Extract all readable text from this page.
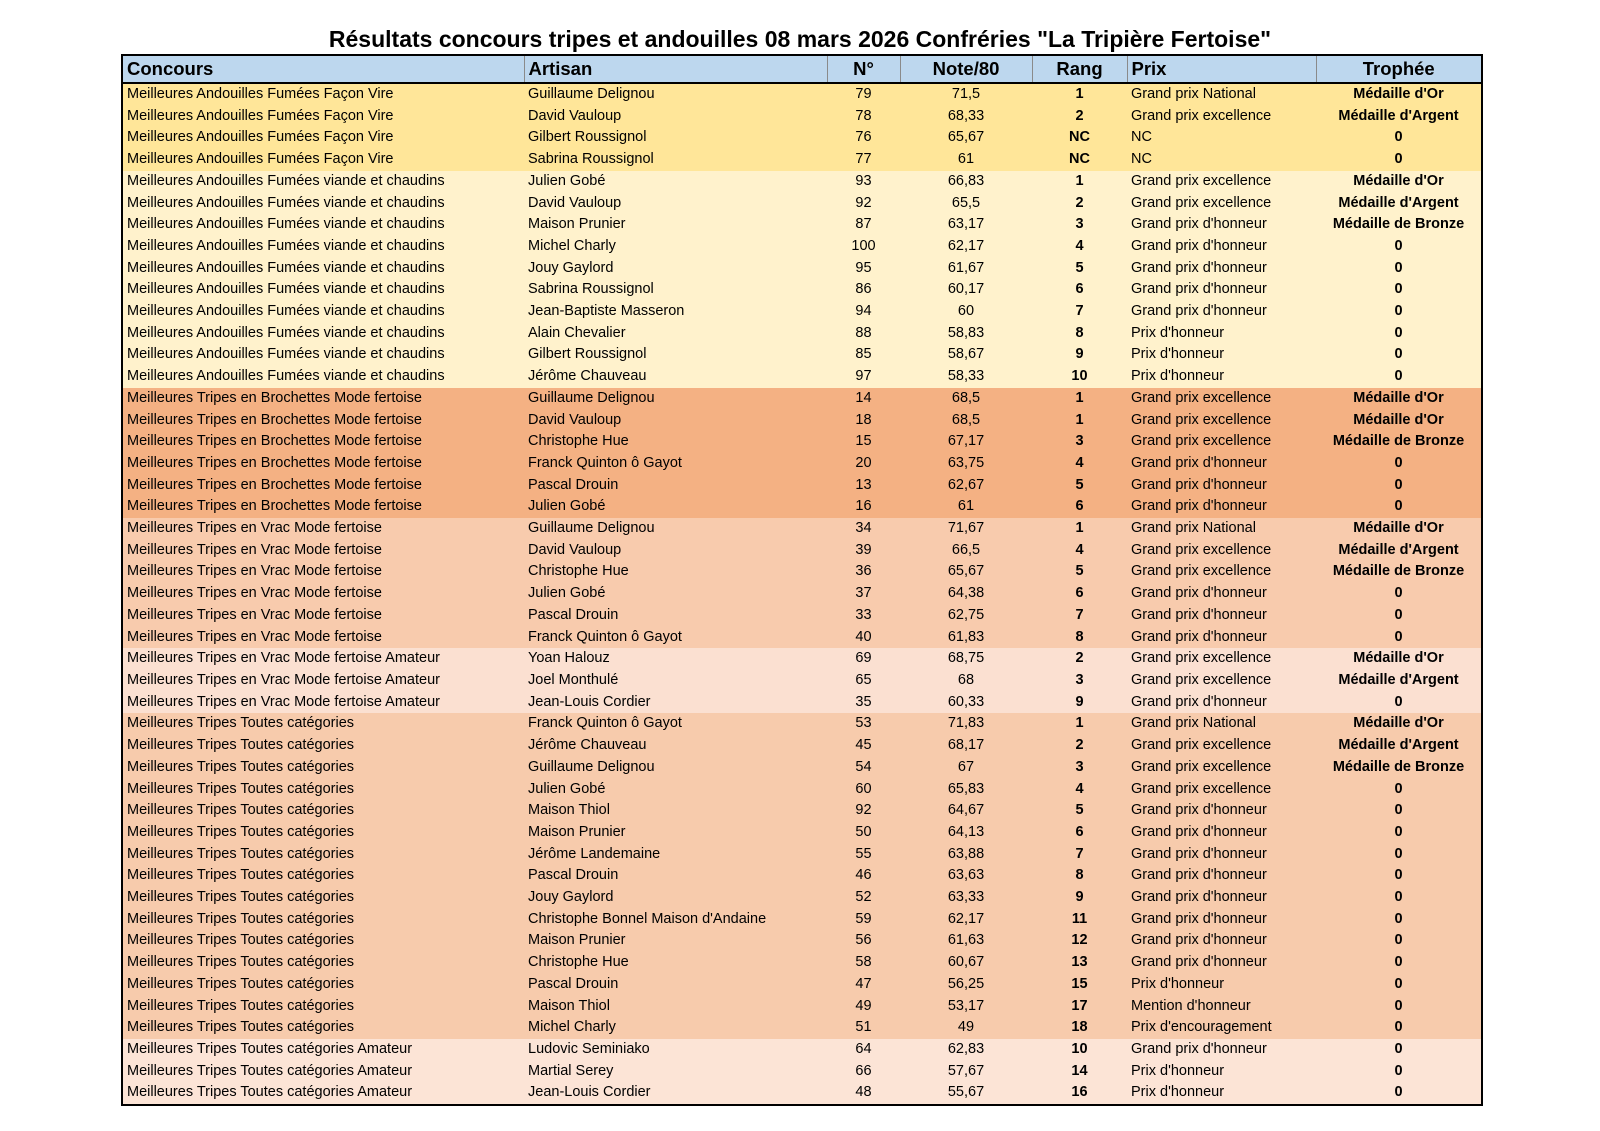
Résultats concours tripes et andouilles 08 mars 2026 Confréries "La Tripière Fertoise"
Concours	Artisan	N°	Note/80	Rang	Prix	Trophée
Meilleures Andouilles Fumées Façon Vire	Guillaume Delignou	79	71,5	1	Grand prix National	Médaille d'Or
Meilleures Andouilles Fumées Façon Vire	David Vauloup	78	68,33	2	Grand prix excellence	Médaille d'Argent
Meilleures Andouilles Fumées Façon Vire	Gilbert Roussignol	76	65,67	NC	NC	0
Meilleures Andouilles Fumées Façon Vire	Sabrina Roussignol	77	61	NC	NC	0
Meilleures Andouilles Fumées viande et chaudins	Julien Gobé	93	66,83	1	Grand prix excellence	Médaille d'Or
Meilleures Andouilles Fumées viande et chaudins	David Vauloup	92	65,5	2	Grand prix excellence	Médaille d'Argent
Meilleures Andouilles Fumées viande et chaudins	Maison Prunier	87	63,17	3	Grand prix d'honneur	Médaille de Bronze
Meilleures Andouilles Fumées viande et chaudins	Michel Charly	100	62,17	4	Grand prix d'honneur	0
Meilleures Andouilles Fumées viande et chaudins	Jouy Gaylord	95	61,67	5	Grand prix d'honneur	0
Meilleures Andouilles Fumées viande et chaudins	Sabrina Roussignol	86	60,17	6	Grand prix d'honneur	0
Meilleures Andouilles Fumées viande et chaudins	Jean-Baptiste Masseron	94	60	7	Grand prix d'honneur	0
Meilleures Andouilles Fumées viande et chaudins	Alain Chevalier	88	58,83	8	Prix d'honneur	0
Meilleures Andouilles Fumées viande et chaudins	Gilbert Roussignol	85	58,67	9	Prix d'honneur	0
Meilleures Andouilles Fumées viande et chaudins	Jérôme Chauveau	97	58,33	10	Prix d'honneur	0
Meilleures Tripes en Brochettes Mode fertoise	Guillaume Delignou	14	68,5	1	Grand prix excellence	Médaille d'Or
Meilleures Tripes en Brochettes Mode fertoise	David Vauloup	18	68,5	1	Grand prix excellence	Médaille d'Or
Meilleures Tripes en Brochettes Mode fertoise	Christophe Hue	15	67,17	3	Grand prix excellence	Médaille de Bronze
Meilleures Tripes en Brochettes Mode fertoise	Franck Quinton ô Gayot	20	63,75	4	Grand prix d'honneur	0
Meilleures Tripes en Brochettes Mode fertoise	Pascal Drouin	13	62,67	5	Grand prix d'honneur	0
Meilleures Tripes en Brochettes Mode fertoise	Julien Gobé	16	61	6	Grand prix d'honneur	0
Meilleures Tripes en Vrac Mode fertoise	Guillaume Delignou	34	71,67	1	Grand prix National	Médaille d'Or
Meilleures Tripes en Vrac Mode fertoise	David Vauloup	39	66,5	4	Grand prix excellence	Médaille d'Argent
Meilleures Tripes en Vrac Mode fertoise	Christophe Hue	36	65,67	5	Grand prix excellence	Médaille de Bronze
Meilleures Tripes en Vrac Mode fertoise	Julien Gobé	37	64,38	6	Grand prix d'honneur	0
Meilleures Tripes en Vrac Mode fertoise	Pascal Drouin	33	62,75	7	Grand prix d'honneur	0
Meilleures Tripes en Vrac Mode fertoise	Franck Quinton ô Gayot	40	61,83	8	Grand prix d'honneur	0
Meilleures Tripes en Vrac Mode fertoise Amateur	Yoan Halouz	69	68,75	2	Grand prix excellence	Médaille d'Or
Meilleures Tripes en Vrac Mode fertoise Amateur	Joel Monthulé	65	68	3	Grand prix excellence	Médaille d'Argent
Meilleures Tripes en Vrac Mode fertoise Amateur	Jean-Louis Cordier	35	60,33	9	Grand prix d'honneur	0
Meilleures Tripes Toutes catégories	Franck Quinton ô Gayot	53	71,83	1	Grand prix National	Médaille d'Or
Meilleures Tripes Toutes catégories	Jérôme Chauveau	45	68,17	2	Grand prix excellence	Médaille d'Argent
Meilleures Tripes Toutes catégories	Guillaume Delignou	54	67	3	Grand prix excellence	Médaille de Bronze
Meilleures Tripes Toutes catégories	Julien Gobé	60	65,83	4	Grand prix excellence	0
Meilleures Tripes Toutes catégories	Maison Thiol	92	64,67	5	Grand prix d'honneur	0
Meilleures Tripes Toutes catégories	Maison Prunier	50	64,13	6	Grand prix d'honneur	0
Meilleures Tripes Toutes catégories	Jérôme Landemaine	55	63,88	7	Grand prix d'honneur	0
Meilleures Tripes Toutes catégories	Pascal Drouin	46	63,63	8	Grand prix d'honneur	0
Meilleures Tripes Toutes catégories	Jouy Gaylord	52	63,33	9	Grand prix d'honneur	0
Meilleures Tripes Toutes catégories	Christophe Bonnel Maison d'Andaine	59	62,17	11	Grand prix d'honneur	0
Meilleures Tripes Toutes catégories	Maison Prunier	56	61,63	12	Grand prix d'honneur	0
Meilleures Tripes Toutes catégories	Christophe Hue	58	60,67	13	Grand prix d'honneur	0
Meilleures Tripes Toutes catégories	Pascal Drouin	47	56,25	15	Prix d'honneur	0
Meilleures Tripes Toutes catégories	Maison Thiol	49	53,17	17	Mention d'honneur	0
Meilleures Tripes Toutes catégories	Michel Charly	51	49	18	Prix d'encouragement	0
Meilleures Tripes Toutes catégories Amateur	Ludovic Seminiako	64	62,83	10	Grand prix d'honneur	0
Meilleures Tripes Toutes catégories Amateur	Martial Serey	66	57,67	14	Prix d'honneur	0
Meilleures Tripes Toutes catégories Amateur	Jean-Louis Cordier	48	55,67	16	Prix d'honneur	0
